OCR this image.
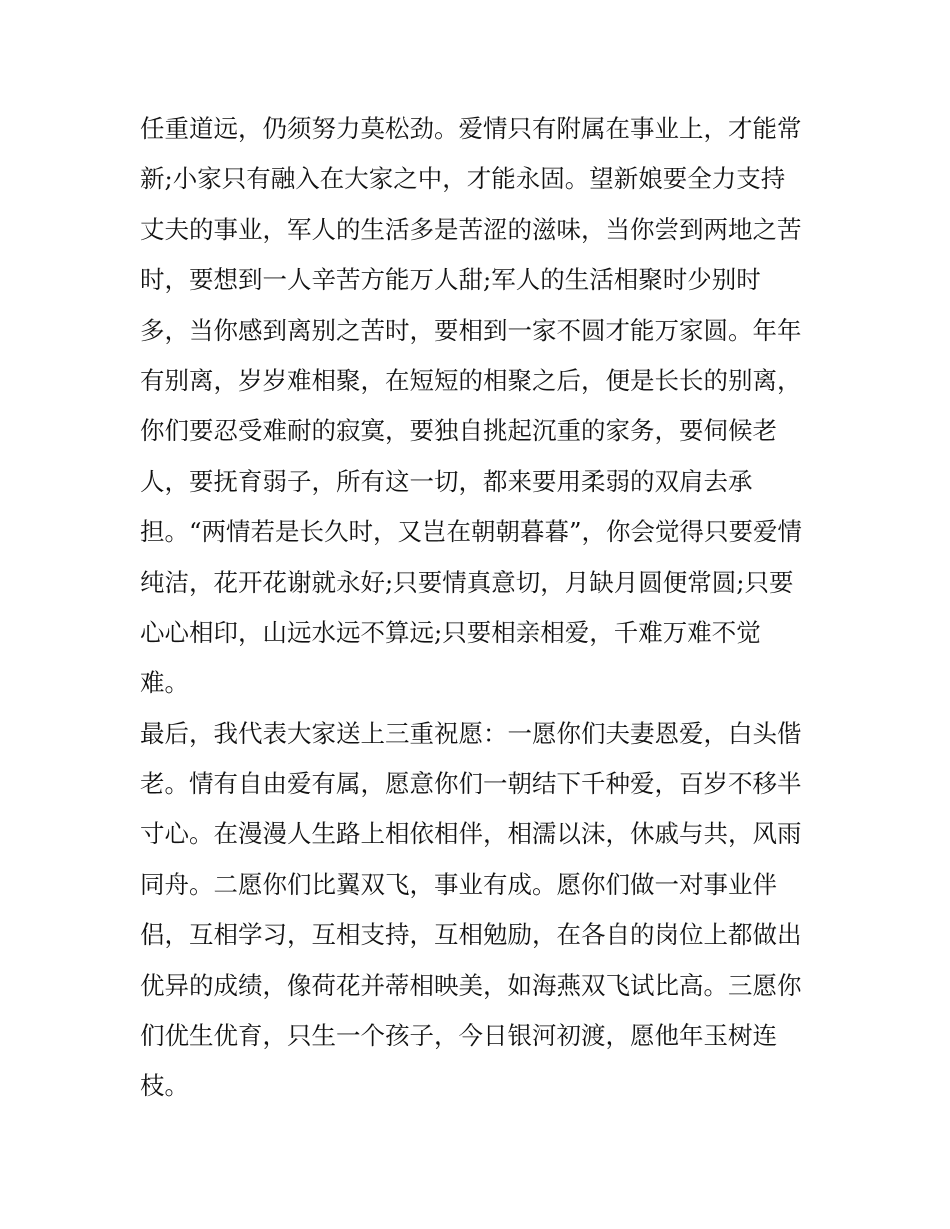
任重道远，仍须努力莫松劲。爱情只有附属在事业上，才能常
新;小家只有融入在大家之中，才能永固。望新娘要全力支持
丈夫的事业，军人的生活多是苦涩的滋味，当你尝到两地之苦
时，要想到一人辛苦方能万人甜;军人的生活相聚时少别时
多，当你感到离别之苦时，要相到一家不圆才能万家圆。年年
有别离，岁岁难相聚，在短短的相聚之后，便是长长的别离，
你们要忍受难耐的寂寞，要独自挑起沉重的家务，要伺候老
人，要抚育弱子，所有这一切，都来要用柔弱的双肩去承
担。“两情若是长久时，又岂在朝朝暮暮”，你会觉得只要爱情
纯洁，花开花谢就永好;只要情真意切，月缺月圆便常圆;只要
心心相印，山远水远不算远;只要相亲相爱，千难万难不觉
难。
最后，我代表大家送上三重祝愿：一愿你们夫妻恩爱，白头偕
老。情有自由爱有属，愿意你们一朝结下千种爱，百岁不移半
寸心。在漫漫人生路上相依相伴，相濡以沫，休戚与共，风雨
同舟。二愿你们比翼双飞，事业有成。愿你们做一对事业伴
侣，互相学习，互相支持，互相勉励，在各自的岗位上都做出
优异的成绩，像荷花并蒂相映美，如海燕双飞试比高。三愿你
们优生优育，只生一个孩子，今日银河初渡，愿他年玉树连
枝。
